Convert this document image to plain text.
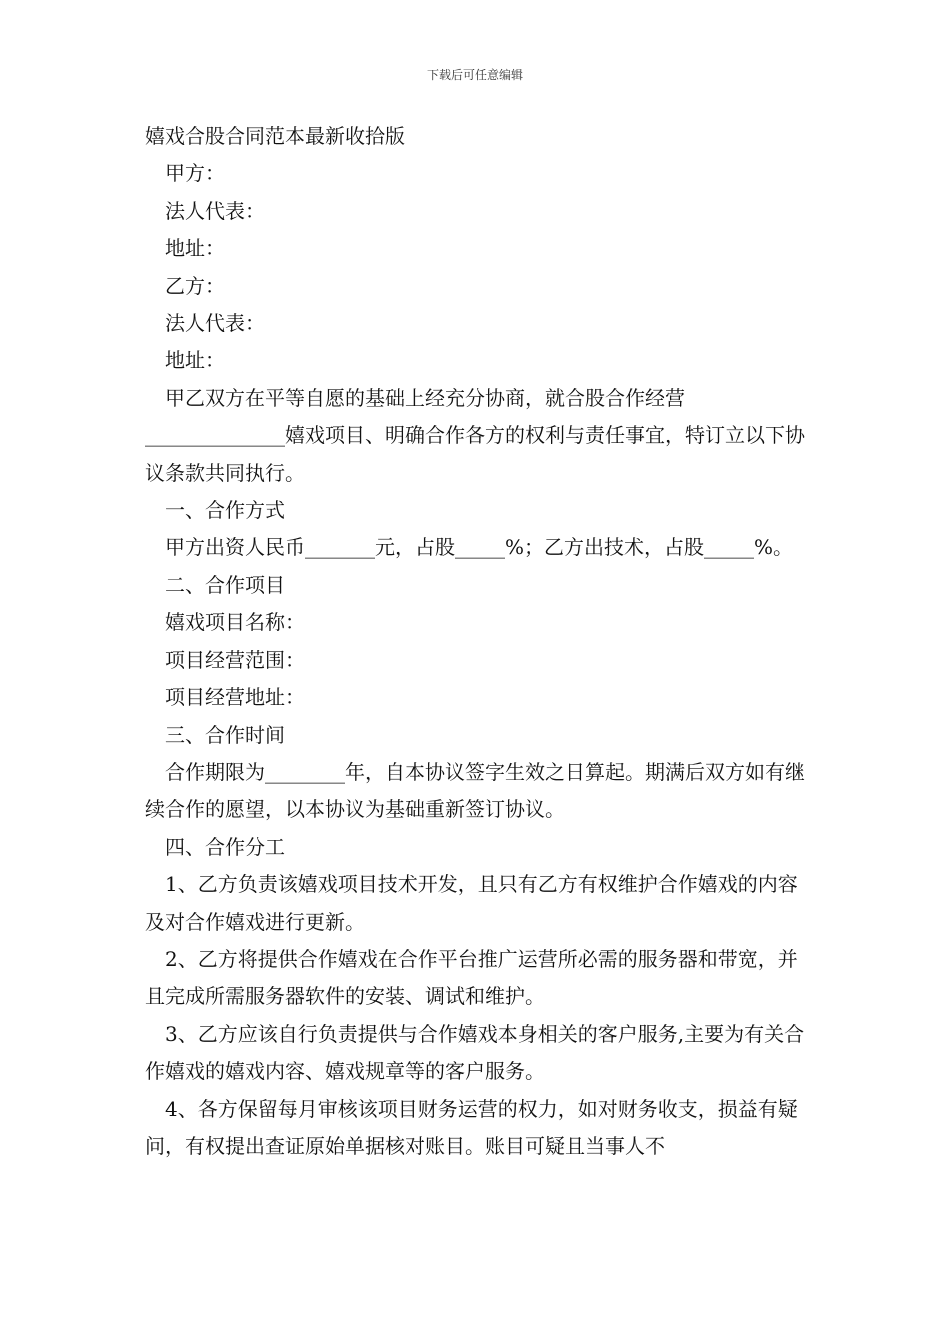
下载后可任意编辑

嬉戏合股合同范本最新收拾版

甲方：

法人代表：

地址：

乙方：

法人代表：

地址：

甲乙双方在平等自愿的基础上经充分协商，就合股合作经营______________嬉戏项目、明确合作各方的权利与责任事宜，特订立以下协议条款共同执行。

一、合作方式

甲方出资人民币_______元，占股_____%；乙方出技术，占股_____%。

二、合作项目

嬉戏项目名称：

项目经营范围：

项目经营地址：

三、合作时间

合作期限为________年，自本协议签字生效之日算起。期满后双方如有继续合作的愿望，以本协议为基础重新签订协议。

四、合作分工

1、乙方负责该嬉戏项目技术开发，且只有乙方有权维护合作嬉戏的内容及对合作嬉戏进行更新。

2、乙方将提供合作嬉戏在合作平台推广运营所必需的服务器和带宽，并且完成所需服务器软件的安装、调试和维护。

3、乙方应该自行负责提供与合作嬉戏本身相关的客户服务,主要为有关合作嬉戏的嬉戏内容、嬉戏规章等的客户服务。

4、各方保留每月审核该项目财务运营的权力，如对财务收支，损益有疑问，有权提出查证原始单据核对账目。账目可疑且当事人不
